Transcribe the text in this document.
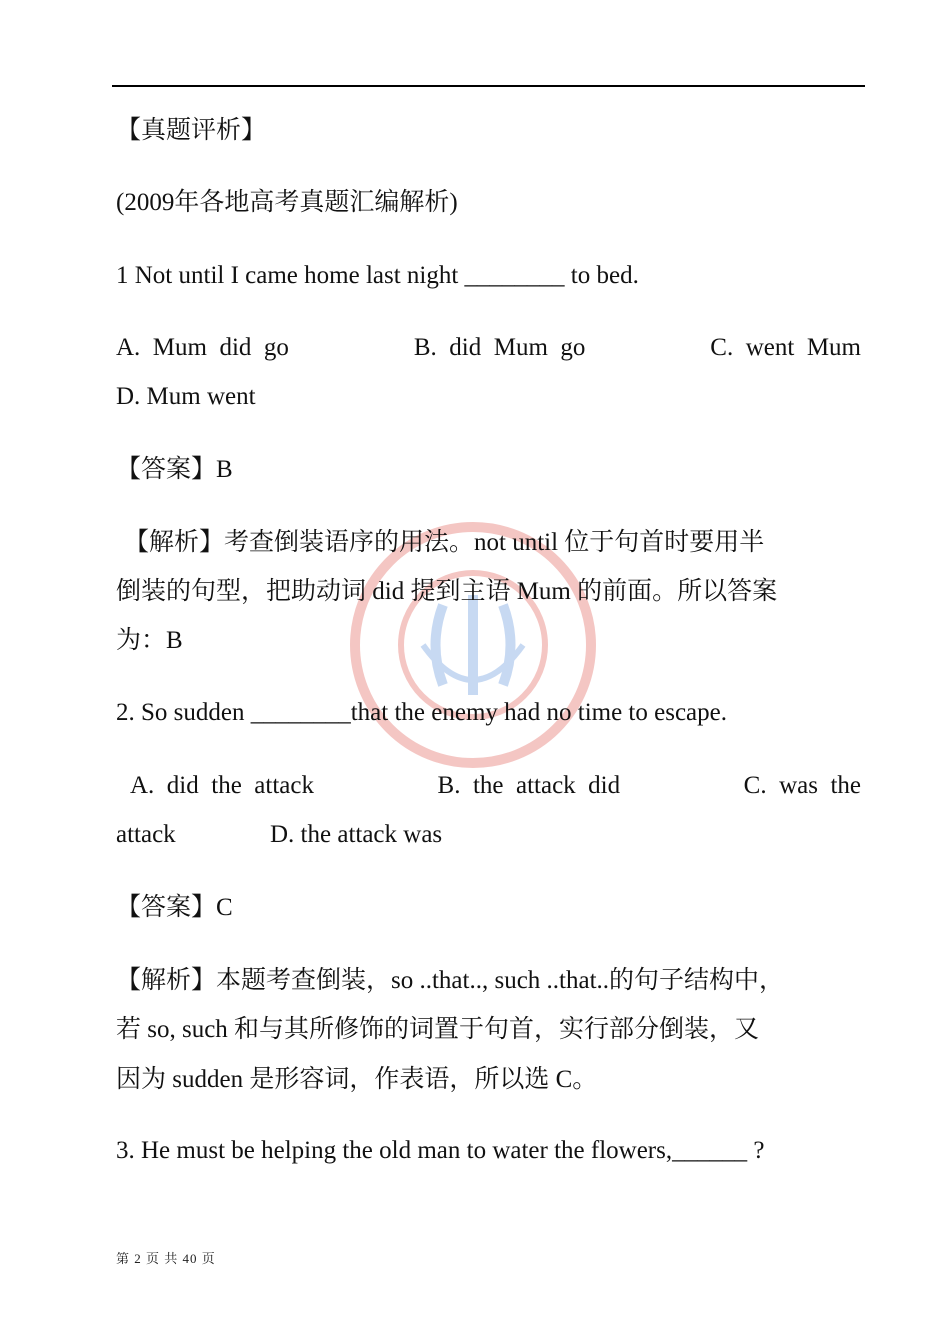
【真题评析】
(2009年各地高考真题汇编解析)
1 Not until I came home last night ________ to bed.
A.  Mum  did  go	B.  did  Mum  go	C.  went  Mum
D. Mum went
【答案】B
【解析】考查倒装语序的用法。not until 位于句首时要用半
倒装的句型，把助动词 did 提到主语 Mum 的前面。所以答案
为：B
2. So sudden ________that the enemy had no time to escape.
A.  did  the  attack	B.  the  attack  did	C.  was  the
attack	D. the attack was
【答案】C
【解析】本题考查倒装，so ..that.., such ..that..的句子结构中，
若 so, such 和与其所修饰的词置于句首，实行部分倒装，又
因为 sudden 是形容词，作表语，所以选 C。
3. He must be helping the old man to water the flowers,______ ?
第 2 页 共 40 页
